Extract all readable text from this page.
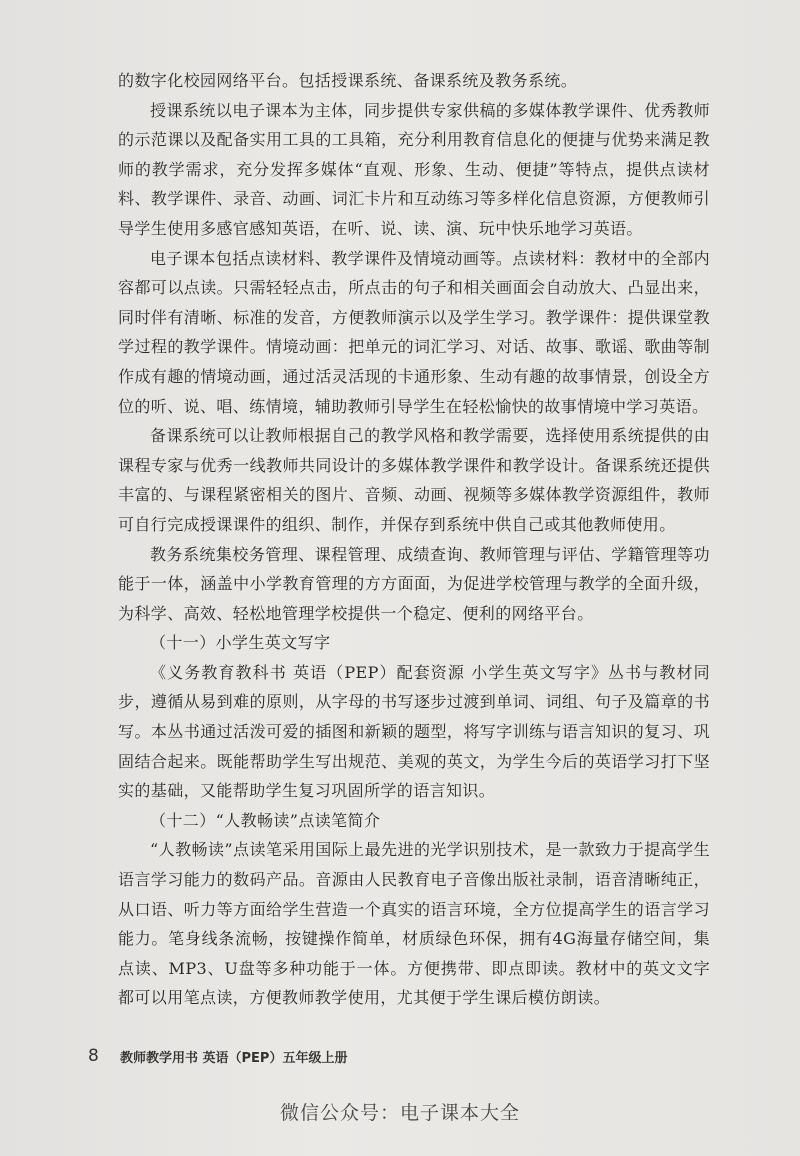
的数字化校园网络平台。包括授课系统、备课系统及教务系统。

授课系统以电子课本为主体，同步提供专家供稿的多媒体教学课件、优秀教师的示范课以及配备实用工具的工具箱，充分利用教育信息化的便捷与优势来满足教师的教学需求，充分发挥多媒体“直观、形象、生动、便捷”等特点，提供点读材料、教学课件、录音、动画、词汇卡片和互动练习等多样化信息资源，方便教师引导学生使用多感官感知英语，在听、说、读、演、玩中快乐地学习英语。

电子课本包括点读材料、教学课件及情境动画等。点读材料：教材中的全部内容都可以点读。只需轻轻点击，所点击的句子和相关画面会自动放大、凸显出来，同时伴有清晰、标准的发音，方便教师演示以及学生学习。教学课件：提供课堂教学过程的教学课件。情境动画：把单元的词汇学习、对话、故事、歌谣、歌曲等制作成有趣的情境动画，通过活灵活现的卡通形象、生动有趣的故事情景，创设全方位的听、说、唱、练情境，辅助教师引导学生在轻松愉快的故事情境中学习英语。

备课系统可以让教师根据自己的教学风格和教学需要，选择使用系统提供的由课程专家与优秀一线教师共同设计的多媒体教学课件和教学设计。备课系统还提供丰富的、与课程紧密相关的图片、音频、动画、视频等多媒体教学资源组件，教师可自行完成授课课件的组织、制作，并保存到系统中供自己或其他教师使用。

教务系统集校务管理、课程管理、成绩查询、教师管理与评估、学籍管理等功能于一体，涵盖中小学教育管理的方方面面，为促进学校管理与教学的全面升级，为科学、高效、轻松地管理学校提供一个稳定、便利的网络平台。

（十一）小学生英文写字

《义务教育教科书 英语（PEP）配套资源 小学生英文写字》丛书与教材同步，遵循从易到难的原则，从字母的书写逐步过渡到单词、词组、句子及篇章的书写。本丛书通过活泼可爱的插图和新颖的题型，将写字训练与语言知识的复习、巩固结合起来。既能帮助学生写出规范、美观的英文，为学生今后的英语学习打下坚实的基础，又能帮助学生复习巩固所学的语言知识。

（十二）“人教畅读”点读笔简介

“人教畅读”点读笔采用国际上最先进的光学识别技术，是一款致力于提高学生语言学习能力的数码产品。音源由人民教育电子音像出版社录制，语音清晰纯正，从口语、听力等方面给学生营造一个真实的语言环境，全方位提高学生的语言学习能力。笔身线条流畅，按键操作简单，材质绿色环保，拥有4G海量存储空间，集点读、MP3、U盘等多种功能于一体。方便携带、即点即读。教材中的英文文字都可以用笔点读，方便教师教学使用，尤其便于学生课后模仿朗读。

8 教师教学用书 英语（PEP）五年级上册
微信公众号：电子课本大全
